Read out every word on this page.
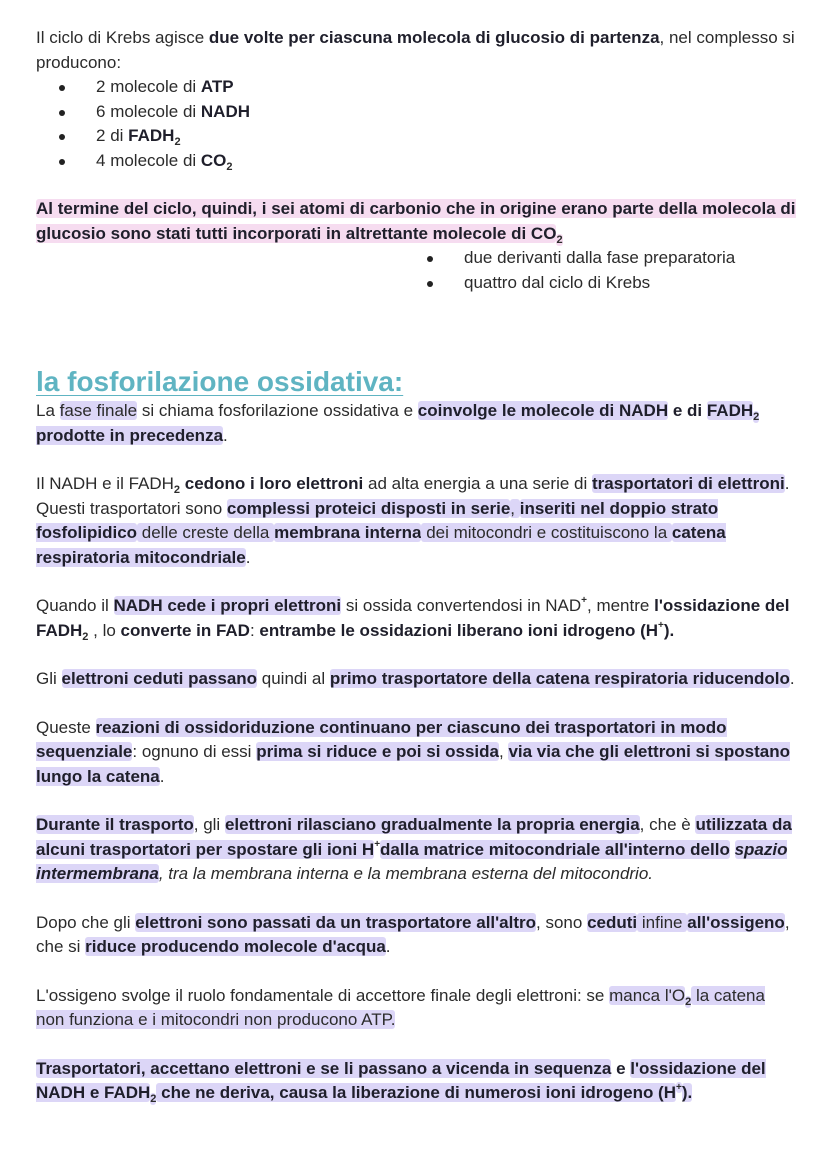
Il ciclo di Krebs agisce due volte per ciascuna molecola di glucosio di partenza, nel complesso si producono:

2 molecole di ATP
6 molecole di NADH
2 di $FADH_2$
4 molecole di $CO_2$

Al termine del ciclo, quindi, i sei atomi di carbonio che in origine erano parte della molecola di glucosio sono stati tutti incorporati in altrettante molecole di $CO_2$

due derivanti dalla fase preparatoria
quattro dal ciclo di Krebs
la fosforilazione ossidativa:

La fase finale si chiama fosforilazione ossidativa e coinvolge le molecole di NADH e di $FADH_2$ prodotte in precedenza.

Il NADH e il $FADH_2$ cedono i loro elettroni ad alta energia a una serie di trasportatori di elettroni. Questi trasportatori sono complessi proteici disposti in serie, inseriti nel doppio strato fosfolipidico delle creste della membrana interna dei mitocondri e costituiscono la catena respiratoria mitocondriale.

Quando il NADH cede i propri elettroni si ossida convertendosi in NAD+, mentre l'ossidazione del $FADH_2$ , lo converte in FAD: entrambe le ossidazioni liberano ioni idrogeno (H+).

Gli elettroni ceduti passano quindi al primo trasportatore della catena respiratoria riducendolo.

Queste reazioni di ossidoriduzione continuano per ciascuno dei trasportatori in modo sequenziale: ognuno di essi prima si riduce e poi si ossida, via via che gli elettroni si spostano lungo la catena.

Durante il trasporto, gli elettroni rilasciano gradualmente la propria energia, che è utilizzata da alcuni trasportatori per spostare gli ioni H+dalla matrice mitocondriale all'interno dello spazio intermembrana, tra la membrana interna e la membrana esterna del mitocondrio.

Dopo che gli elettroni sono passati da un trasportatore all'altro, sono ceduti infine all'ossigeno, che si riduce producendo molecole d'acqua.

L'ossigeno svolge il ruolo fondamentale di accettore finale degli elettroni: se manca $l'O_2$ la catena non funziona e i mitocondri non producono ATP.

Trasportatori, accettano elettroni e se li passano a vicenda in sequenza e l'ossidazione del NADH e $FADH_2$ che ne deriva, causa la liberazione di numerosi ioni idrogeno (H+).
